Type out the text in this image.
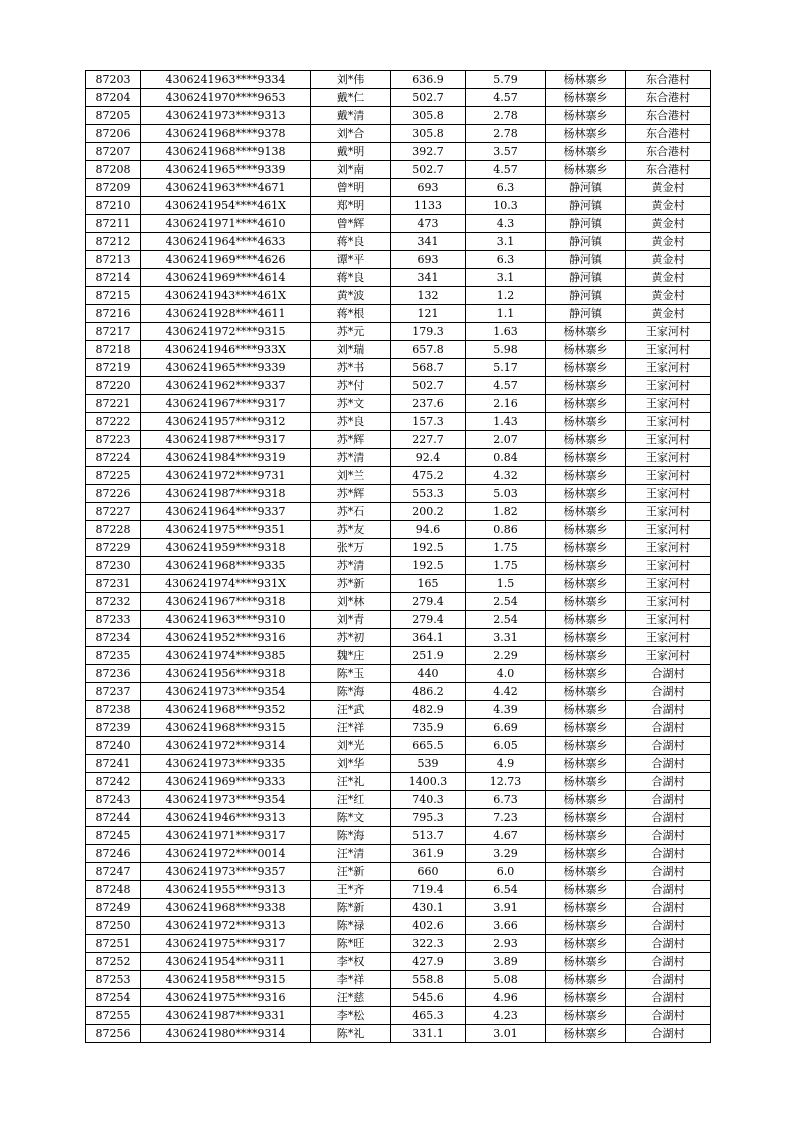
87203	4306241963****9334	刘*伟	636.9	5.79	杨林寨乡	东合港村
87204	4306241970****9653	戴*仁	502.7	4.57	杨林寨乡	东合港村
87205	4306241973****9313	戴*清	305.8	2.78	杨林寨乡	东合港村
87206	4306241968****9378	刘*合	305.8	2.78	杨林寨乡	东合港村
87207	4306241968****9138	戴*明	392.7	3.57	杨林寨乡	东合港村
87208	4306241965****9339	刘*南	502.7	4.57	杨林寨乡	东合港村
87209	4306241963****4671	曾*明	693	6.3	静河镇	黄金村
87210	4306241954****461X	郑*明	1133	10.3	静河镇	黄金村
87211	4306241971****4610	曾*辉	473	4.3	静河镇	黄金村
87212	4306241964****4633	蒋*良	341	3.1	静河镇	黄金村
87213	4306241969****4626	谭*平	693	6.3	静河镇	黄金村
87214	4306241969****4614	蒋*良	341	3.1	静河镇	黄金村
87215	4306241943****461X	黄*波	132	1.2	静河镇	黄金村
87216	4306241928****4611	蒋*根	121	1.1	静河镇	黄金村
87217	4306241972****9315	苏*元	179.3	1.63	杨林寨乡	王家河村
87218	4306241946****933X	刘*瑞	657.8	5.98	杨林寨乡	王家河村
87219	4306241965****9339	苏*书	568.7	5.17	杨林寨乡	王家河村
87220	4306241962****9337	苏*付	502.7	4.57	杨林寨乡	王家河村
87221	4306241967****9317	苏*文	237.6	2.16	杨林寨乡	王家河村
87222	4306241957****9312	苏*良	157.3	1.43	杨林寨乡	王家河村
87223	4306241987****9317	苏*辉	227.7	2.07	杨林寨乡	王家河村
87224	4306241984****9319	苏*清	92.4	0.84	杨林寨乡	王家河村
87225	4306241972****9731	刘*兰	475.2	4.32	杨林寨乡	王家河村
87226	4306241987****9318	苏*辉	553.3	5.03	杨林寨乡	王家河村
87227	4306241964****9337	苏*石	200.2	1.82	杨林寨乡	王家河村
87228	4306241975****9351	苏*友	94.6	0.86	杨林寨乡	王家河村
87229	4306241959****9318	张*万	192.5	1.75	杨林寨乡	王家河村
87230	4306241968****9335	苏*清	192.5	1.75	杨林寨乡	王家河村
87231	4306241974****931X	苏*新	165	1.5	杨林寨乡	王家河村
87232	4306241967****9318	刘*林	279.4	2.54	杨林寨乡	王家河村
87233	4306241963****9310	刘*青	279.4	2.54	杨林寨乡	王家河村
87234	4306241952****9316	苏*初	364.1	3.31	杨林寨乡	王家河村
87235	4306241974****9385	魏*庄	251.9	2.29	杨林寨乡	王家河村
87236	4306241956****9318	陈*玉	440	4.0	杨林寨乡	合湖村
87237	4306241973****9354	陈*海	486.2	4.42	杨林寨乡	合湖村
87238	4306241968****9352	汪*武	482.9	4.39	杨林寨乡	合湖村
87239	4306241968****9315	汪*祥	735.9	6.69	杨林寨乡	合湖村
87240	4306241972****9314	刘*光	665.5	6.05	杨林寨乡	合湖村
87241	4306241973****9335	刘*华	539	4.9	杨林寨乡	合湖村
87242	4306241969****9333	汪*礼	1400.3	12.73	杨林寨乡	合湖村
87243	4306241973****9354	汪*红	740.3	6.73	杨林寨乡	合湖村
87244	4306241946****9313	陈*文	795.3	7.23	杨林寨乡	合湖村
87245	4306241971****9317	陈*海	513.7	4.67	杨林寨乡	合湖村
87246	4306241972****0014	汪*清	361.9	3.29	杨林寨乡	合湖村
87247	4306241973****9357	汪*新	660	6.0	杨林寨乡	合湖村
87248	4306241955****9313	王*齐	719.4	6.54	杨林寨乡	合湖村
87249	4306241968****9338	陈*新	430.1	3.91	杨林寨乡	合湖村
87250	4306241972****9313	陈*禄	402.6	3.66	杨林寨乡	合湖村
87251	4306241975****9317	陈*旺	322.3	2.93	杨林寨乡	合湖村
87252	4306241954****9311	李*权	427.9	3.89	杨林寨乡	合湖村
87253	4306241958****9315	李*祥	558.8	5.08	杨林寨乡	合湖村
87254	4306241975****9316	汪*慈	545.6	4.96	杨林寨乡	合湖村
87255	4306241987****9331	李*松	465.3	4.23	杨林寨乡	合湖村
87256	4306241980****9314	陈*礼	331.1	3.01	杨林寨乡	合湖村
